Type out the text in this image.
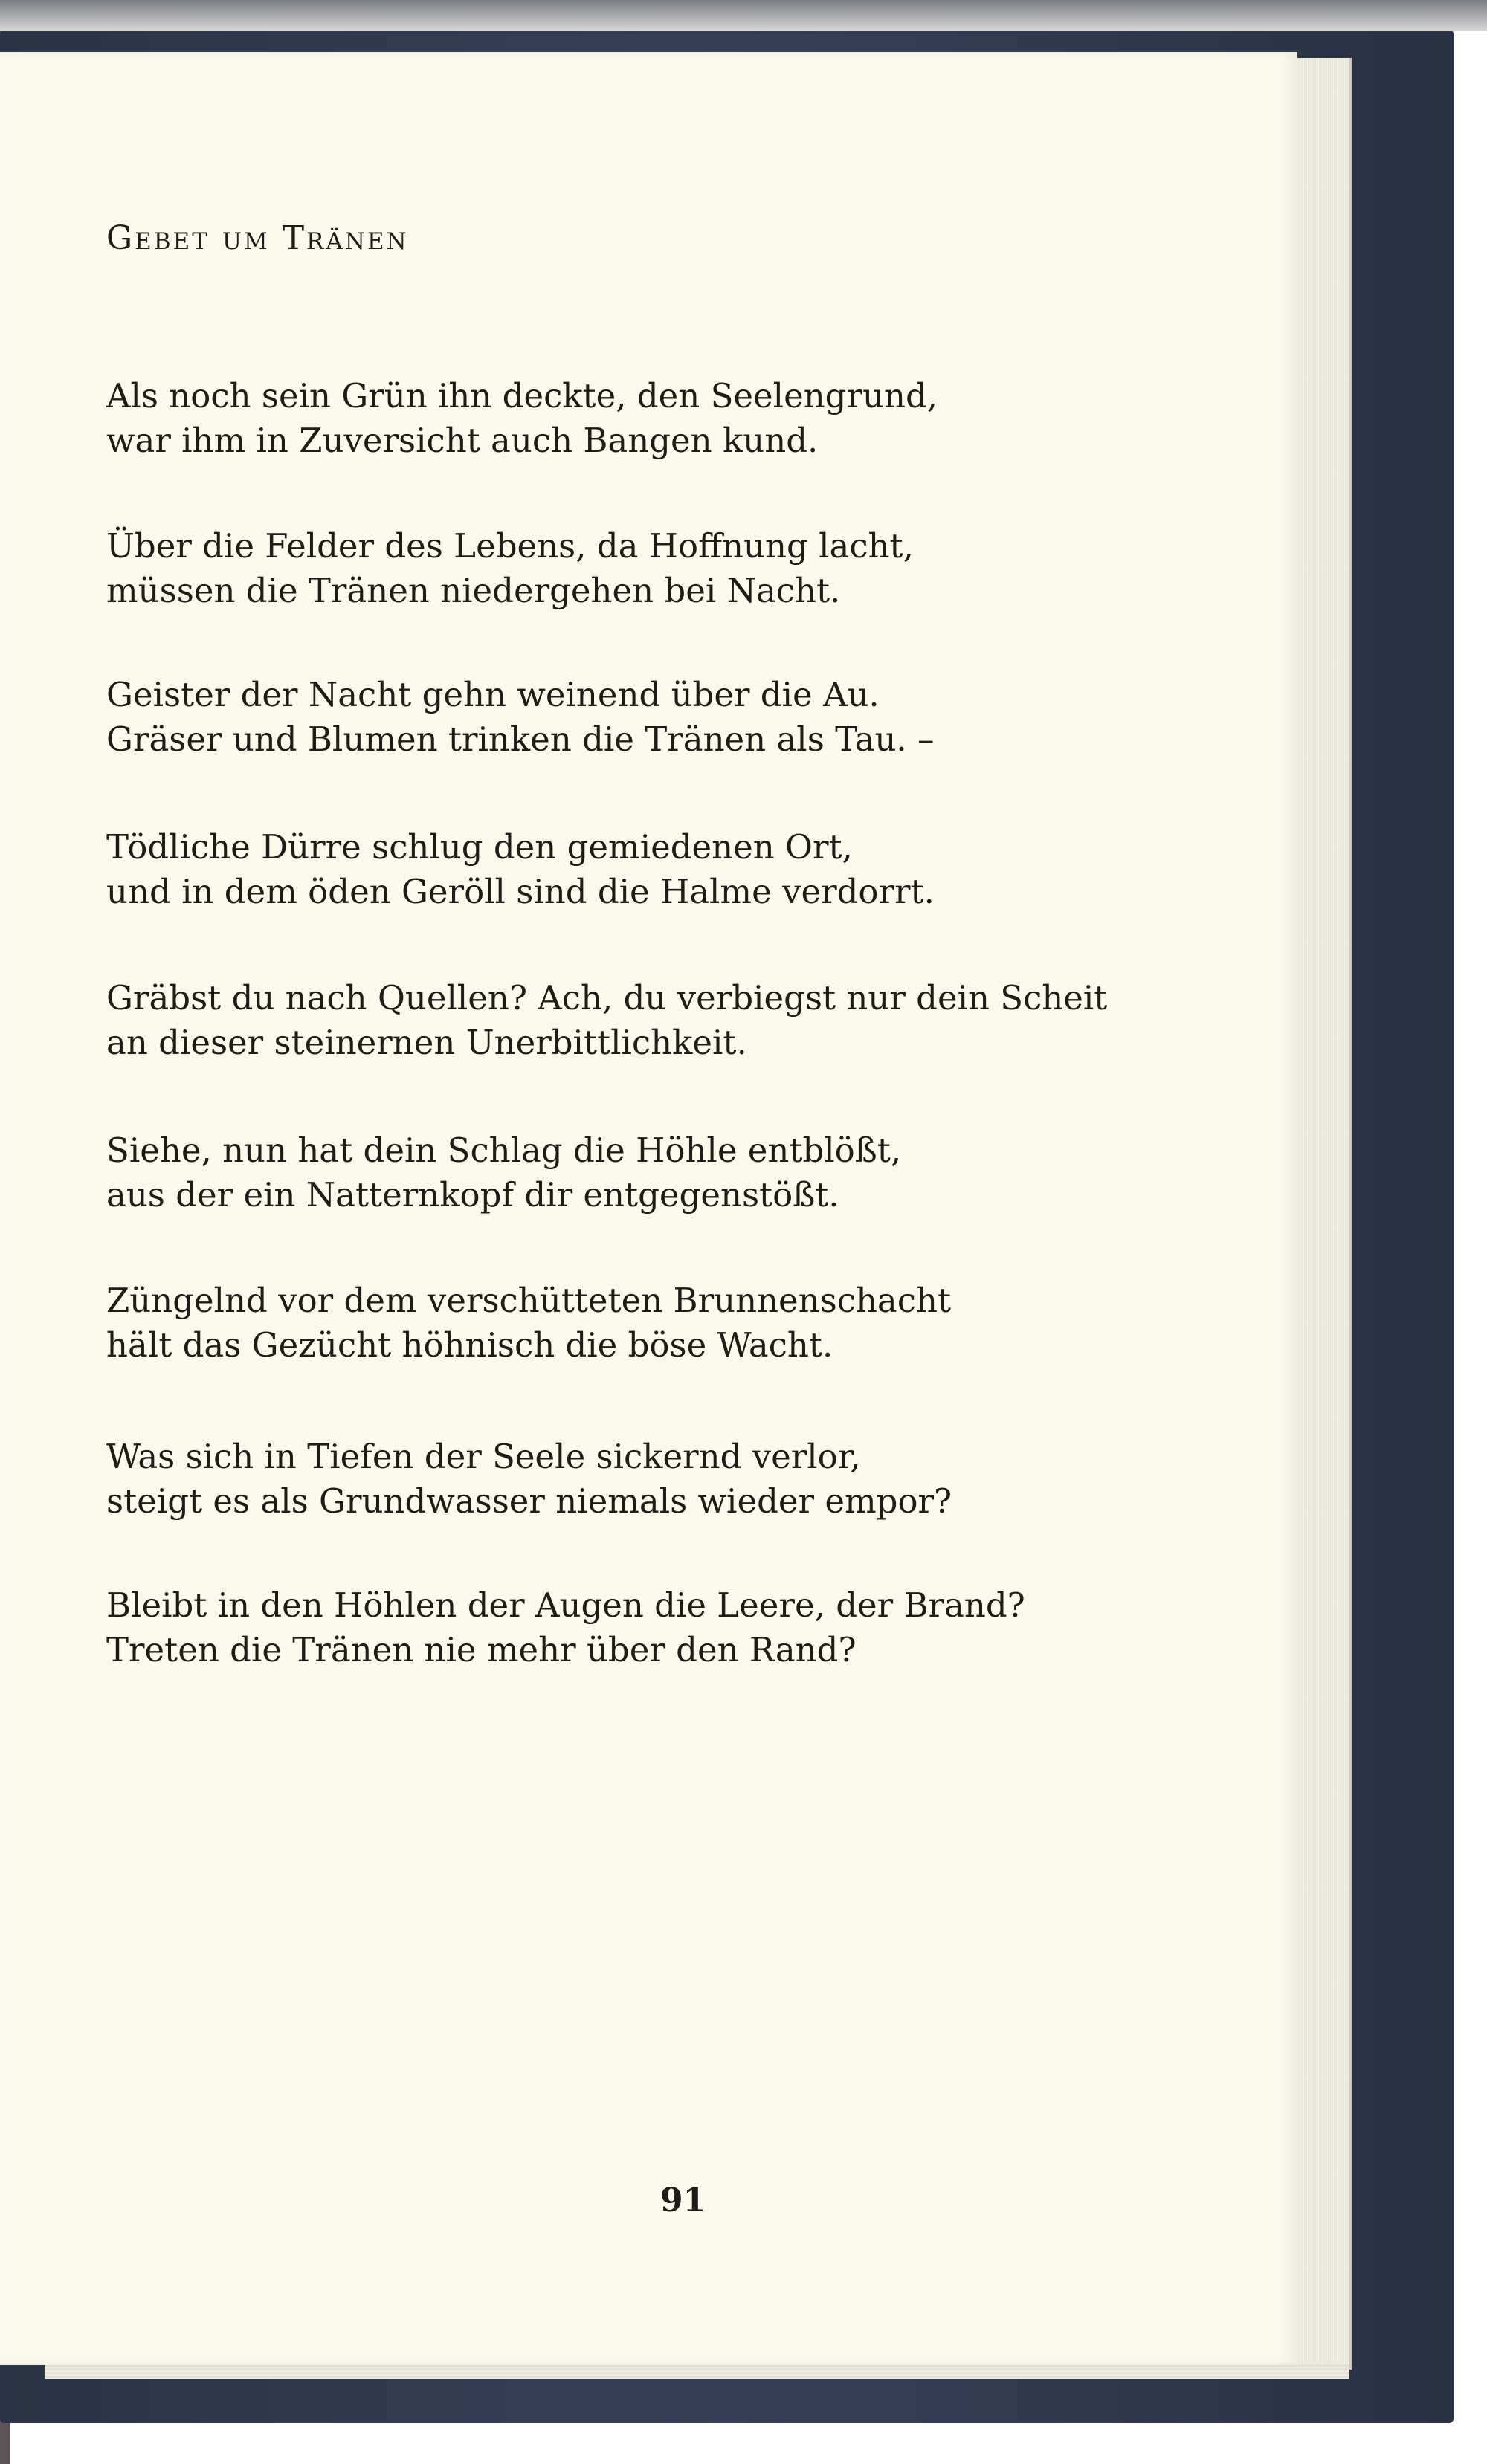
Gebet um Tränen
Als noch sein Grün ihn deckte, den Seelengrund,
war ihm in Zuversicht auch Bangen kund.
Über die Felder des Lebens, da Hoffnung lacht,
müssen die Tränen niedergehen bei Nacht.
Geister der Nacht gehn weinend über die Au.
Gräser und Blumen trinken die Tränen als Tau. –
Tödliche Dürre schlug den gemiedenen Ort,
und in dem öden Geröll sind die Halme verdorrt.
Gräbst du nach Quellen? Ach, du verbiegst nur dein Scheit
an dieser steinernen Unerbittlichkeit.
Siehe, nun hat dein Schlag die Höhle entblößt,
aus der ein Natternkopf dir entgegenstößt.
Züngelnd vor dem verschütteten Brunnenschacht
hält das Gezücht höhnisch die böse Wacht.
Was sich in Tiefen der Seele sickernd verlor,
steigt es als Grundwasser niemals wieder empor?
Bleibt in den Höhlen der Augen die Leere, der Brand?
Treten die Tränen nie mehr über den Rand?
91
